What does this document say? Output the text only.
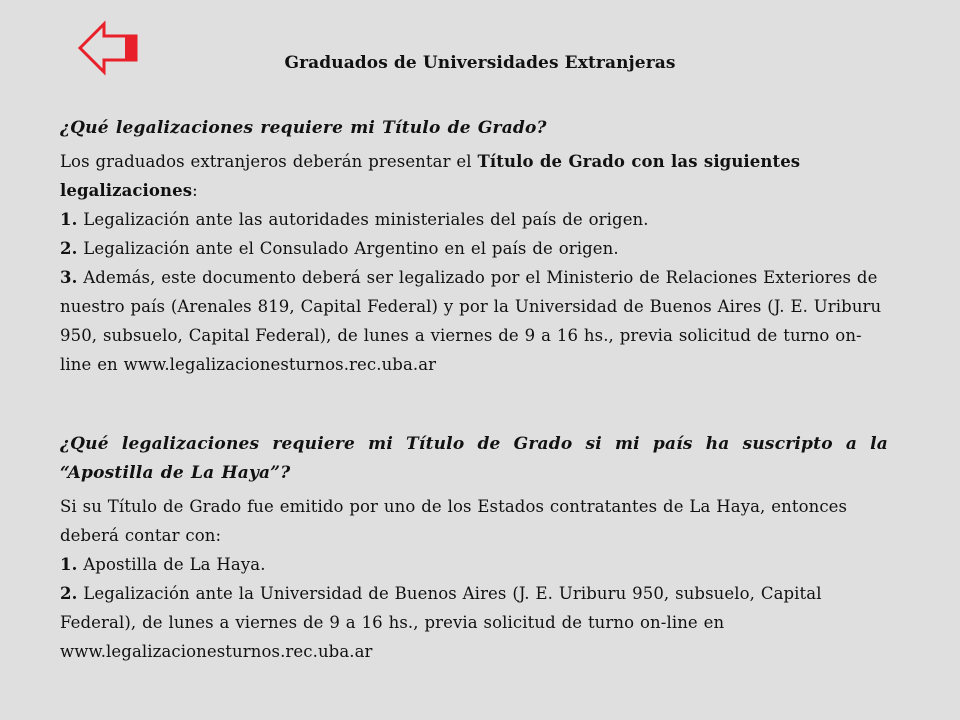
Graduados de Universidades Extranjeras

¿Qué legalizaciones requiere mi Título de Grado?

Los graduados extranjeros deberán presentar el Título de Grado con las siguientes legalizaciones:
1. Legalización ante las autoridades ministeriales del país de origen.
2. Legalización ante el Consulado Argentino en el país de origen.
3. Además, este documento deberá ser legalizado por el Ministerio de Relaciones Exteriores de nuestro país (Arenales 819, Capital Federal) y por la Universidad de Buenos Aires (J. E. Uriburu 950, subsuelo, Capital Federal), de lunes a viernes de 9 a 16 hs., previa solicitud de turno on-line en www.legalizacionesturnos.rec.uba.ar

¿Qué legalizaciones requiere mi Título de Grado si mi país ha suscripto a la “Apostilla de La Haya”?

Si su Título de Grado fue emitido por uno de los Estados contratantes de La Haya, entonces deberá contar con:
1. Apostilla de La Haya.
2. Legalización ante la Universidad de Buenos Aires (J. E. Uriburu 950, subsuelo, Capital Federal), de lunes a viernes de 9 a 16 hs., previa solicitud de turno on-line en www.legalizacionesturnos.rec.uba.ar
